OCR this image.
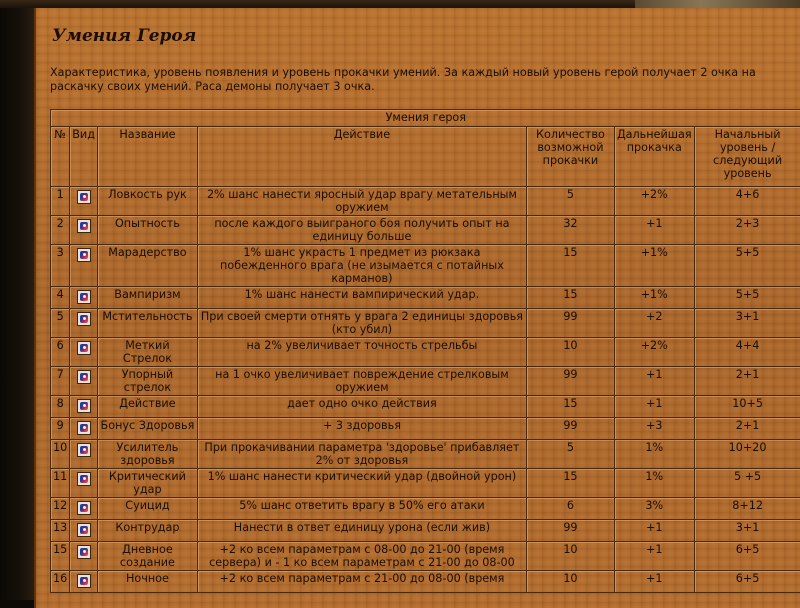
Умения Героя
Характеристика, уровень появления и уровень прокачки умений. За каждый новый уровень герой получает 2 очка на раскачку своих умений. Раса демоны получает 3 очка.
Умения героя						
№	Вид	Название	Действие	Количество возможной прокачки	Дальнейшая прокачка	Начальный уровень / следующий уровень
1		Ловкость рук	2% шанс нанести яросный удар врагу метательным оружием	5	+2%	4+6
2		Опытность	после каждого выиграного боя получить опыт на единицу больше	32	+1	2+3
3		Марадерство	1% шанс украсть 1 предмет из рюкзака побежденного врага (не изымается с потайных карманов)	15	+1%	5+5
4		Вампиризм	1% шанс нанести вампирический удар.	15	+1%	5+5
5		Мстительность	При своей смерти отнять у врага 2 единицы здоровья (кто убил)	99	+2	3+1
6		Меткий Стрелок	на 2% увеличивает точность стрельбы	10	+2%	4+4
7		Упорный стрелок	на 1 очко увеличивает повреждение стрелковым оружием	99	+1	2+1
8		Действие	дает одно очко действия	15	+1	10+5
9		Бонус Здоровья	+ 3 здоровья	99	+3	2+1
10		Усилитель здоровья	При прокачивании параметра 'здоровье' прибавляет 2% от здоровья	5	1%	10+20
11		Критический удар	1% шанс нанести критический удар (двойной урон)	15	1%	5 +5
12		Суицид	5% шанс ответить врагу в 50% его атаки	6	3%	8+12
13		Контрудар	Нанести в ответ единицу урона (если жив)	99	+1	3+1
15		Дневное создание	+2 ко всем параметрам с 08-00 до 21-00 (время сервера) и - 1 ко всем параметрам с 21-00 до 08-00	10	+1	6+5
16		Ночное	+2 ко всем параметрам с 21-00 до 08-00 (время	10	+1	6+5
